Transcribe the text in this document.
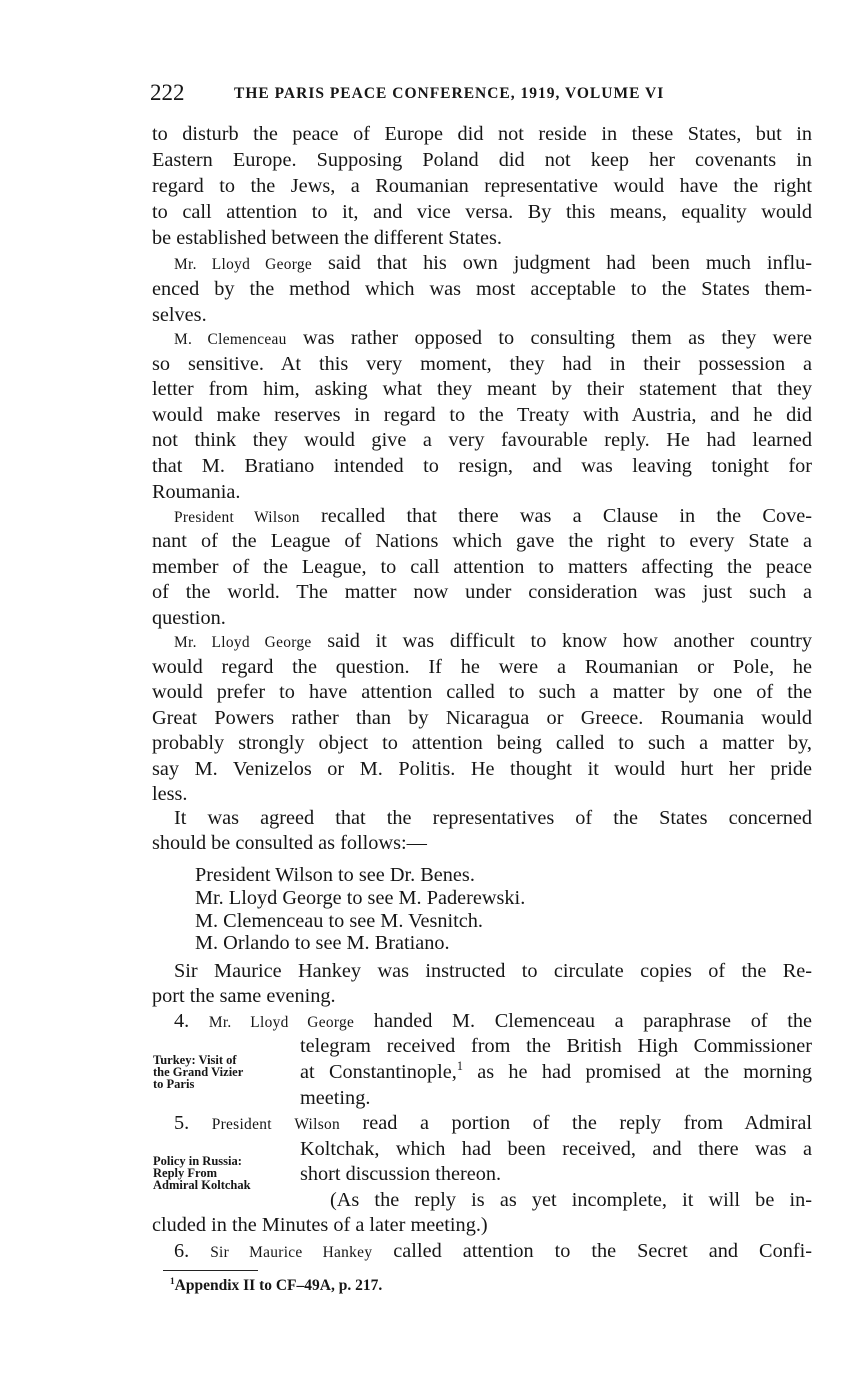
222	THE PARIS PEACE CONFERENCE, 1919, VOLUME VI
to disturb the peace of Europe did not reside in these States, but in
Eastern Europe. Supposing Poland did not keep her covenants in
regard to the Jews, a Roumanian representative would have the right
to call attention to it, and vice versa. By this means, equality would
be established between the different States.
Mr. Lloyd George said that his own judgment had been much influ-
enced by the method which was most acceptable to the States them-
selves.
M. Clemenceau was rather opposed to consulting them as they were
so sensitive. At this very moment, they had in their possession a
letter from him, asking what they meant by their statement that they
would make reserves in regard to the Treaty with Austria, and he did
not think they would give a very favourable reply. He had learned
that M. Bratiano intended to resign, and was leaving tonight for
Roumania.
President Wilson recalled that there was a Clause in the Cove-
nant of the League of Nations which gave the right to every State a
member of the League, to call attention to matters affecting the peace
of the world. The matter now under consideration was just such a
question.
Mr. Lloyd George said it was difficult to know how another country
would regard the question. If he were a Roumanian or Pole, he
would prefer to have attention called to such a matter by one of the
Great Powers rather than by Nicaragua or Greece. Roumania would
probably strongly object to attention being called to such a matter by,
say M. Venizelos or M. Politis. He thought it would hurt her pride
less.
It was agreed that the representatives of the States concerned
should be consulted as follows:—
President Wilson to see Dr. Benes.
Mr. Lloyd George to see M. Paderewski.
M. Clemenceau to see M. Vesnitch.
M. Orlando to see M. Bratiano.
Sir Maurice Hankey was instructed to circulate copies of the Re-
port the same evening.
4. Mr. Lloyd George handed M. Clemenceau a paraphrase of the
telegram received from the British High Commissioner
at Constantinople,$^1$ as he had promised at the morning
meeting.
Turkey: Visit of
the Grand Vizier
to Paris
5. President Wilson read a portion of the reply from Admiral
Koltchak, which had been received, and there was a
short discussion thereon.
(As the reply is as yet incomplete, it will be in-
cluded in the Minutes of a later meeting.)
Policy in Russia:
Reply From
Admiral Koltchak
6. Sir Maurice Hankey called attention to the Secret and Confi-
$^1$Appendix II to CF–49A, p. 217.
